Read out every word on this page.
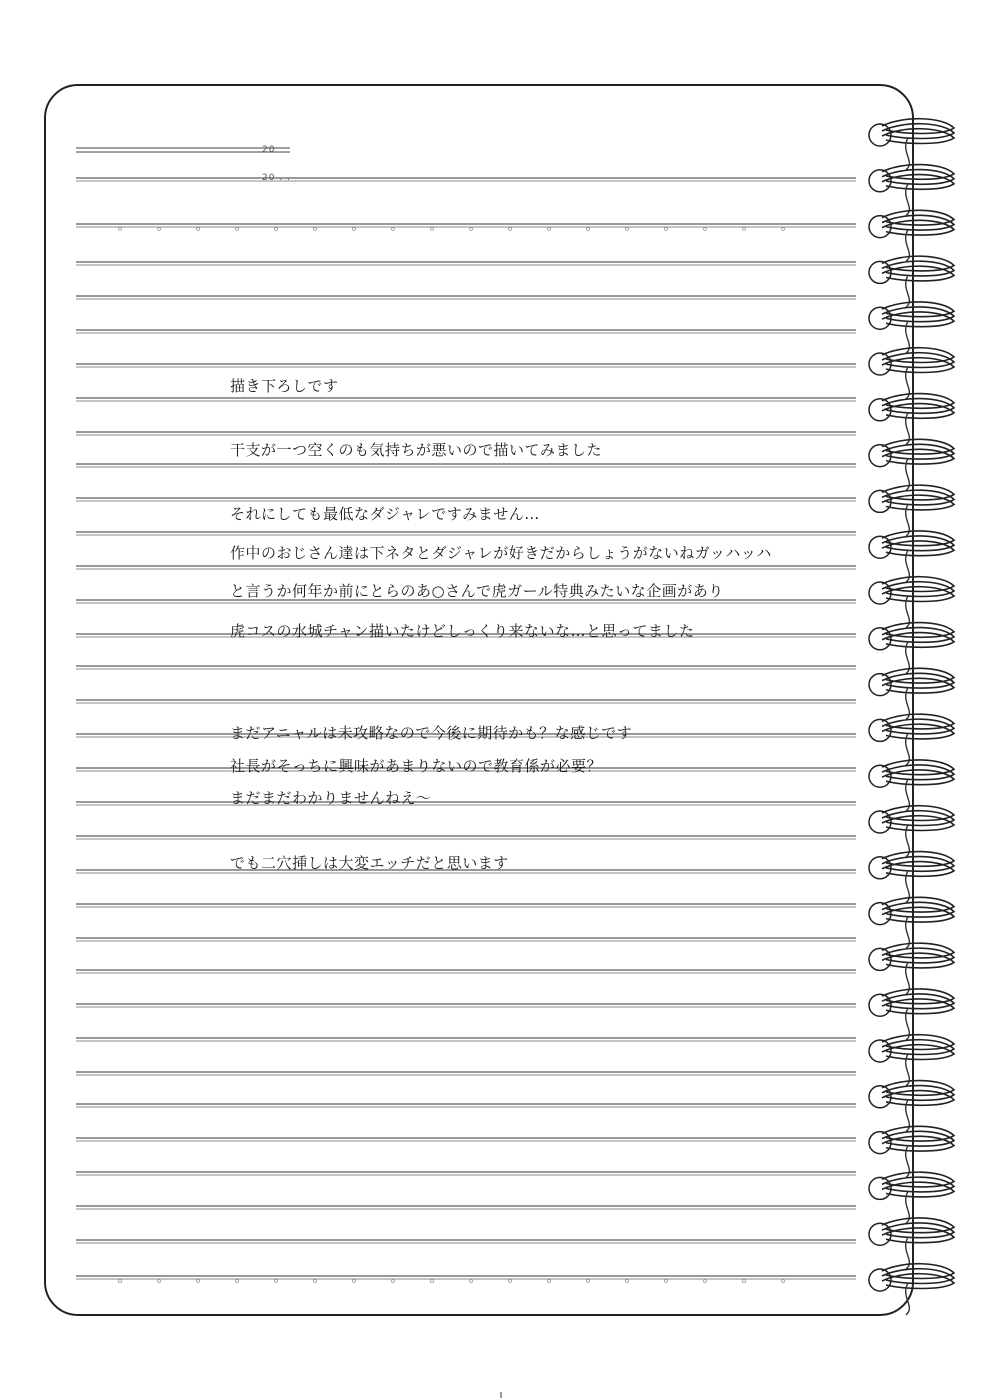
20
20 . .
描き下ろしです
干支が一つ空くのも気持ちが悪いので描いてみました
それにしても最低なダジャレですみません…
作中のおじさん達は下ネタとダジャレが好きだからしょうがないねガッハッハ
と言うか何年か前にとらのあ○さんで虎ガール特典みたいな企画があり
虎コスの水城チャン描いたけどしっくり来ないな…と思ってました
まだアニャルは未攻略なので今後に期待かも？な感じです
社長がそっちに興味があまりないので教育係が必要？
まだまだわかりませんねえ～
でも二穴挿しは大変エッチだと思います
